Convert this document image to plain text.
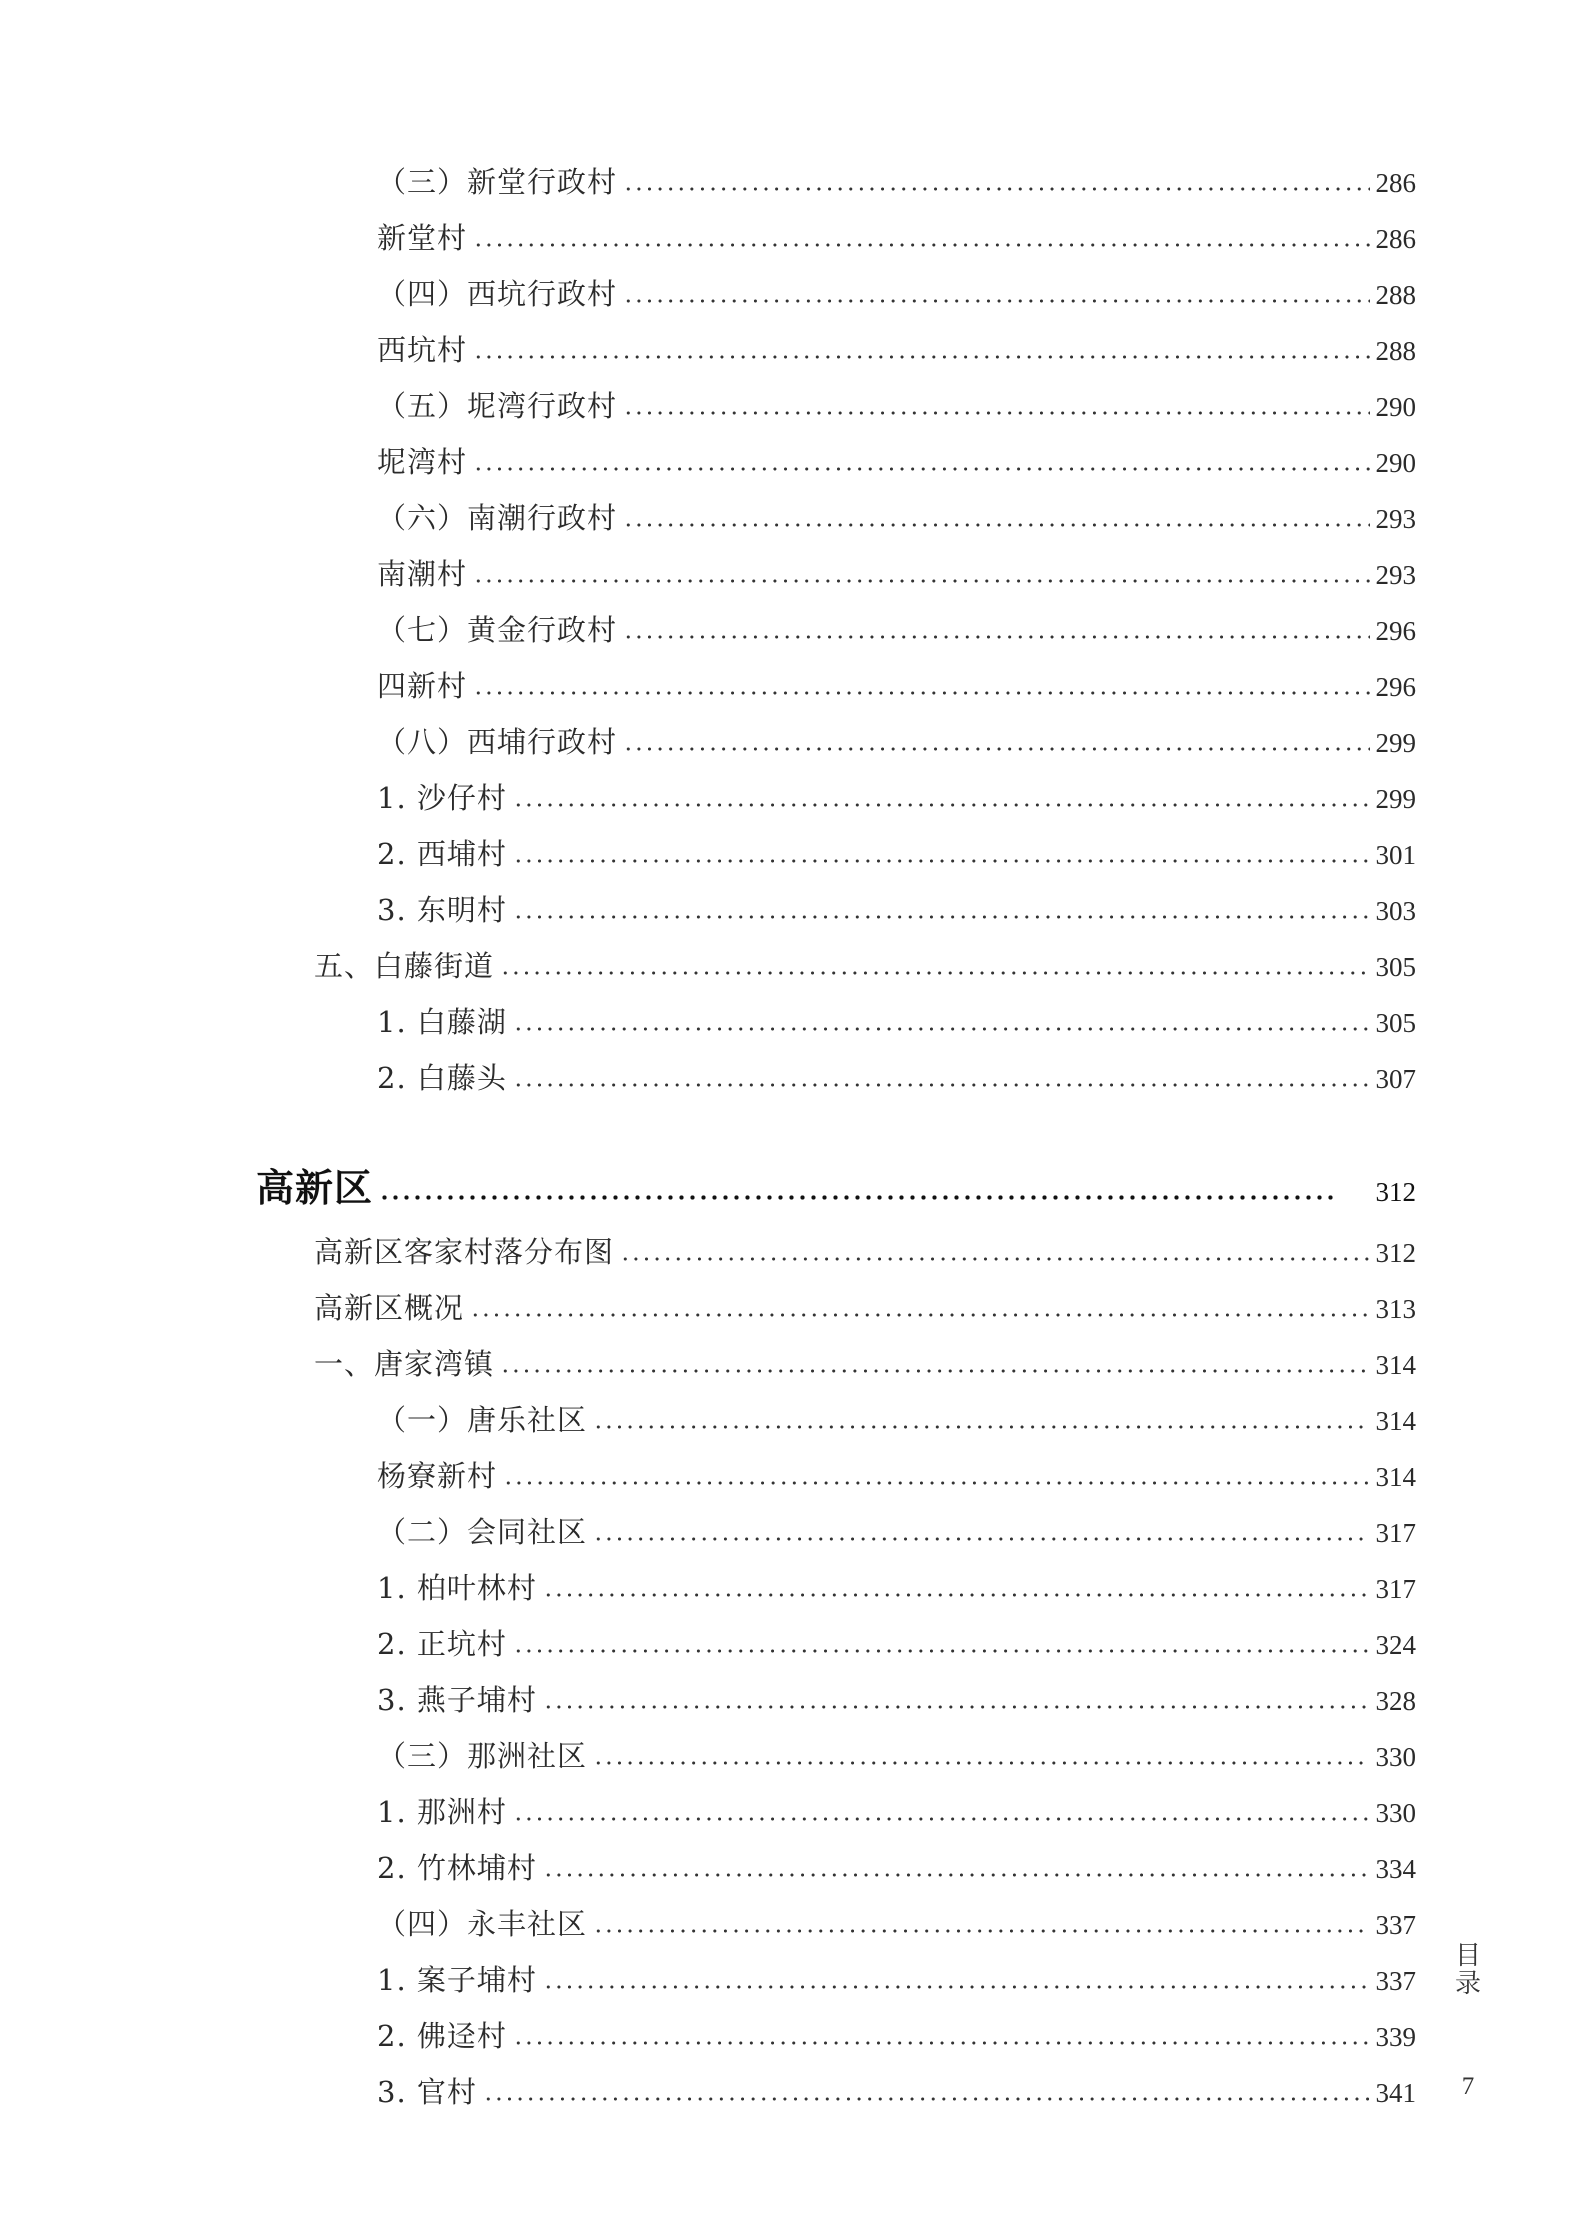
（三）新堂行政村	286
新堂村	286
（四）西坑行政村	288
西坑村	288
（五）坭湾行政村	290
坭湾村	290
（六）南潮行政村	293
南潮村	293
（七）黄金行政村	296
四新村	296
（八）西埔行政村	299
1. 沙仔村	299
2. 西埔村	301
3. 东明村	303
五、白藤街道	305
1. 白藤湖	305
2. 白藤头	307
高新区	312
高新区客家村落分布图	312
高新区概况	313
一、唐家湾镇	314
（一）唐乐社区	314
杨寮新村	314
（二）会同社区	317
1. 柏叶林村	317
2. 正坑村	324
3. 燕子埔村	328
（三）那洲社区	330
1. 那洲村	330
2. 竹林埔村	334
（四）永丰社区	337
1. 案子埔村	337
2. 佛迳村	339
3. 官村	341
目录
7
